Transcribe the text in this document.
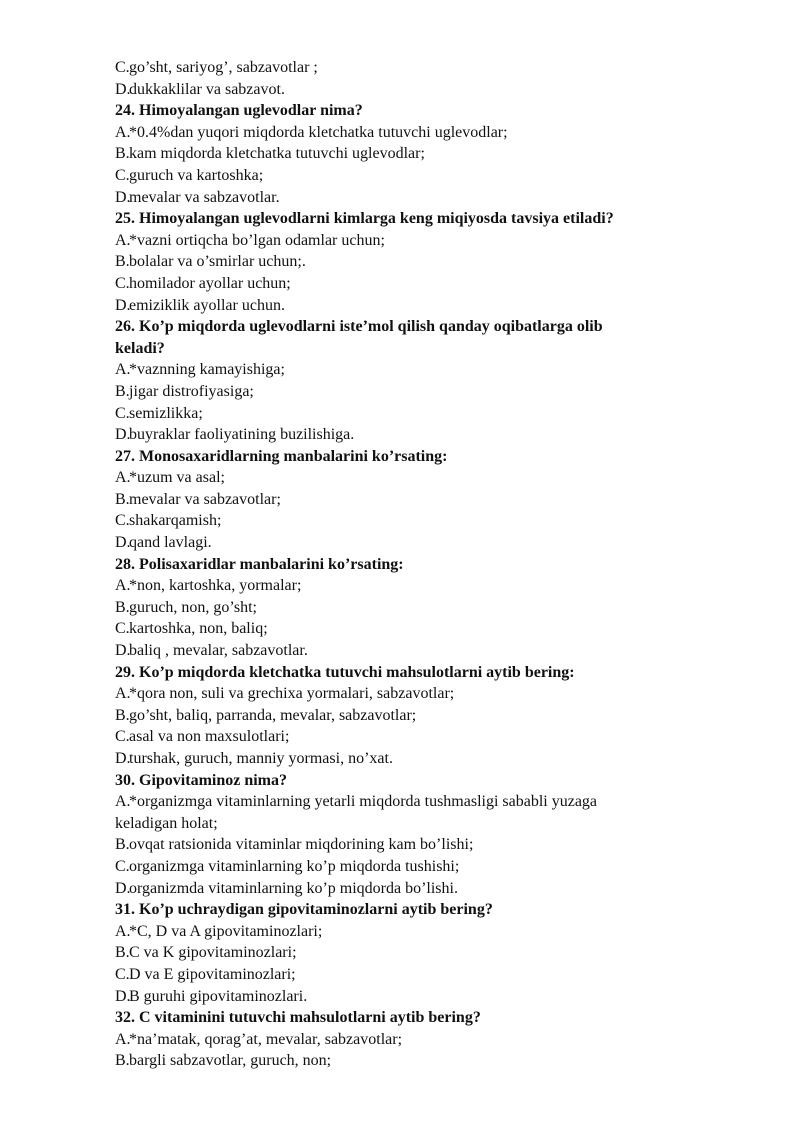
C.go’sht, sariyog’, sabzavotlar ;
D.dukkaklilar va sabzavot.
24. Himoyalangan uglevodlar nima?
A.*0.4%dan yuqori miqdorda kletchatka tutuvchi uglevodlar;
B.kam miqdorda kletchatka tutuvchi uglevodlar;
C.guruch va kartoshka;
D.mevalar va sabzavotlar.
25. Himoyalangan uglevodlarni kimlarga keng miqiyosda tavsiya etiladi?
A.*vazni ortiqcha bo’lgan odamlar uchun;
B.bolalar va o’smirlar uchun;.
C.homilador ayollar uchun;
D.emiziklik ayollar uchun.
26. Ko’p miqdorda uglevodlarni iste’mol qilish qanday oqibatlarga olib
keladi?
A.*vaznning kamayishiga;
B.jigar distrofiyasiga;
C.semizlikka;
D.buyraklar faoliyatining buzilishiga.
27. Monosaxaridlarning manbalarini ko’rsating:
A.*uzum va asal;
B.mevalar va sabzavotlar;
C.shakarqamish;
D.qand lavlagi.
28. Polisaxaridlar manbalarini ko’rsating:
A.*non, kartoshka, yormalar;
B.guruch, non, go’sht;
C.kartoshka, non, baliq;
D.baliq , mevalar, sabzavotlar.
29. Ko’p miqdorda kletchatka tutuvchi mahsulotlarni aytib bering:
A.*qora non, suli va grechixa yormalari, sabzavotlar;
B.go’sht, baliq, parranda, mevalar, sabzavotlar;
C.asal va non maxsulotlari;
D.turshak, guruch, manniy yormasi, no’xat.
30. Gipovitaminoz nima?
A.*organizmga vitaminlarning yetarli miqdorda tushmasligi sababli yuzaga
keladigan holat;
B.ovqat ratsionida vitaminlar miqdorining kam bo’lishi;
C.organizmga vitaminlarning ko’p miqdorda tushishi;
D.organizmda vitaminlarning ko’p miqdorda bo’lishi.
31. Ko’p uchraydigan gipovitaminozlarni aytib bering?
A.*C, D va A gipovitaminozlari;
B.C va K gipovitaminozlari;
C.D va E gipovitaminozlari;
D.B guruhi gipovitaminozlari.
32. C vitaminini tutuvchi mahsulotlarni aytib bering?
A.*na’matak, qorag’at, mevalar, sabzavotlar;
B.bargli sabzavotlar, guruch, non;
